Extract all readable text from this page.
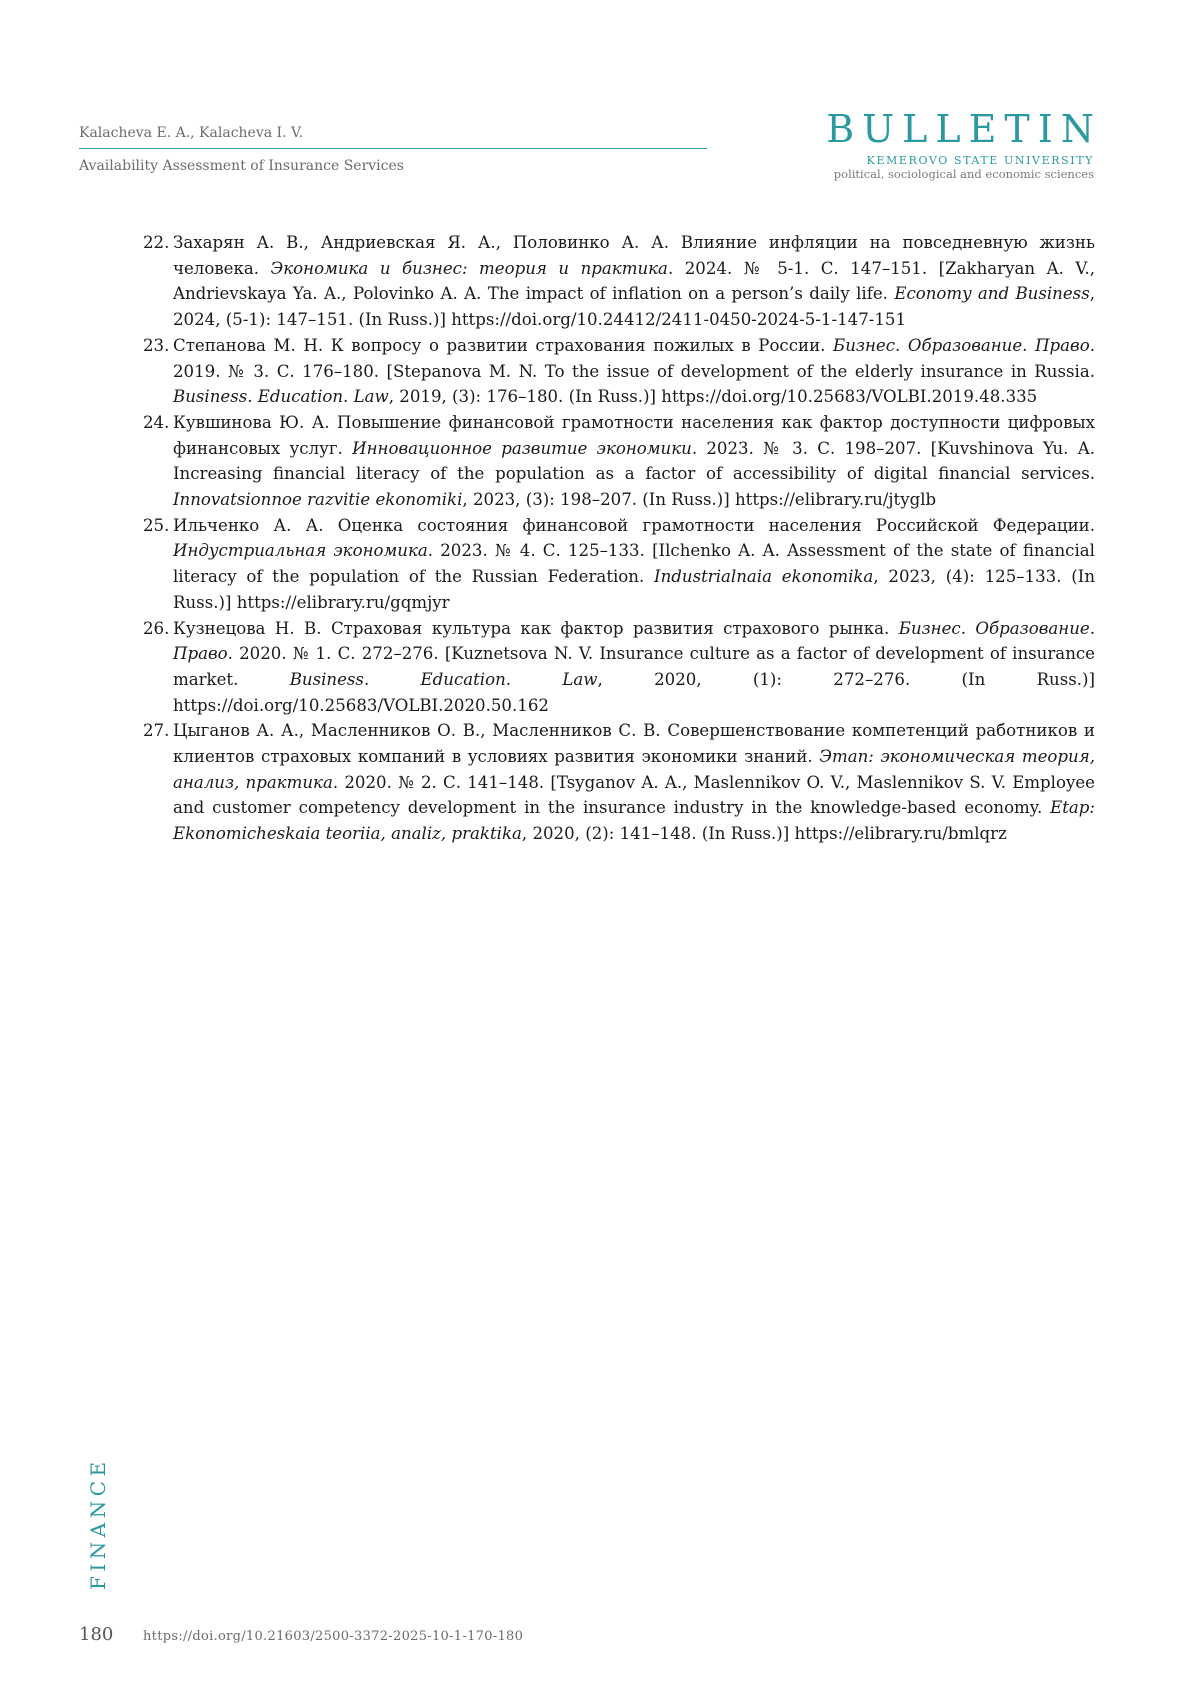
Kalacheva E. A., Kalacheva I. V.
Availability Assessment of Insurance Services
BULLETIN
KEMEROVO STATE UNIVERSITY
political, sociological and economic sciences
22. Захарян А. В., Андриевская Я. А., Половинко А. А. Влияние инфляции на повседневную жизнь человека. Экономика и бизнес: теория и практика. 2024. № 5-1. С. 147–151. [Zakharyan A. V., Andrievskaya Ya. A., Polovinko A. A. The impact of inflation on a person’s daily life. Economy and Business, 2024, (5-1): 147–151. (In Russ.)] https://doi.org/10.24412/2411-0450-2024-5-1-147-151
23. Степанова М. Н. К вопросу о развитии страхования пожилых в России. Бизнес. Образование. Право. 2019. № 3. С. 176–180. [Stepanova M. N. To the issue of development of the elderly insurance in Russia. Business. Education. Law, 2019, (3): 176–180. (In Russ.)] https://doi.org/10.25683/VOLBI.2019.48.335
24. Кувшинова Ю. А. Повышение финансовой грамотности населения как фактор доступности цифровых финансовых услуг. Инновационное развитие экономики. 2023. № 3. С. 198–207. [Kuvshinova Yu. A. Increasing financial literacy of the population as a factor of accessibility of digital financial services. Innovatsionnoe razvitie ekonomiki, 2023, (3): 198–207. (In Russ.)] https://elibrary.ru/jtyglb
25. Ильченко А. А. Оценка состояния финансовой грамотности населения Российской Федерации. Индустриальная экономика. 2023. № 4. С. 125–133. [Ilchenko A. A. Assessment of the state of financial literacy of the population of the Russian Federation. Industrialnaia ekonomika, 2023, (4): 125–133. (In Russ.)] https://elibrary.ru/gqmjyr
26. Кузнецова Н. В. Страховая культура как фактор развития страхового рынка. Бизнес. Образование. Право. 2020. № 1. С. 272–276. [Kuznetsova N. V. Insurance culture as a factor of development of insurance market. Business. Education. Law, 2020, (1): 272–276. (In Russ.)] https://doi.org/10.25683/VOLBI.2020.50.162
27. Цыганов А. А., Масленников О. В., Масленников С. В. Совершенствование компетенций работников и клиентов страховых компаний в условиях развития экономики знаний. Этап: экономическая теория, анализ, практика. 2020. № 2. С. 141–148. [Tsyganov A. A., Maslennikov O. V., Maslennikov S. V. Employee and customer competency development in the insurance industry in the knowledge-based economy. Etap: Ekonomicheskaia teoriia, analiz, praktika, 2020, (2): 141–148. (In Russ.)] https://elibrary.ru/bmlqrz
FINANCE
180	https://doi.org/10.21603/2500-3372-2025-10-1-170-180
